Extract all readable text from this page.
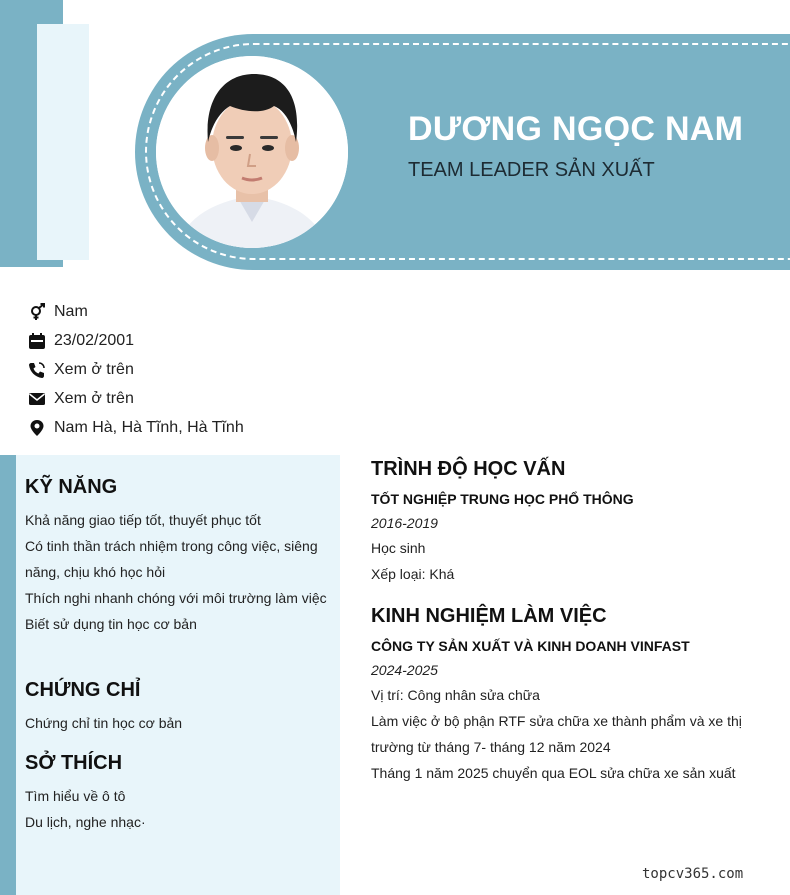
DƯƠNG NGỌC NAM
TEAM LEADER SẢN XUẤT
Nam
23/02/2001
Xem ở trên
Xem ở trên
Nam Hà, Hà Tĩnh, Hà Tĩnh
KỸ NĂNG
Khả năng giao tiếp tốt, thuyết phục tốt
Có tinh thần trách nhiệm trong công việc, siêng
năng, chịu khó học hỏi
Thích nghi nhanh chóng với môi trường làm việc
Biết sử dụng tin học cơ bản
CHỨNG CHỈ
Chứng chỉ tin học cơ bản
SỞ THÍCH
Tìm hiểu về ô tô
Du lịch, nghe nhạc·
TRÌNH ĐỘ HỌC VẤN
TỐT NGHIỆP TRUNG HỌC PHỔ THÔNG
2016-2019
Học sinh
Xếp loại: Khá
KINH NGHIỆM LÀM VIỆC
CÔNG TY SẢN XUẤT VÀ KINH DOANH VINFAST
2024-2025
Vị trí: Công nhân sửa chữa
Làm việc ở bộ phận RTF sửa chữa xe thành phẩm và xe thị
trường từ tháng 7- tháng 12 năm 2024
Tháng 1 năm 2025 chuyển qua EOL sửa chữa xe sản xuất
topcv365.com
